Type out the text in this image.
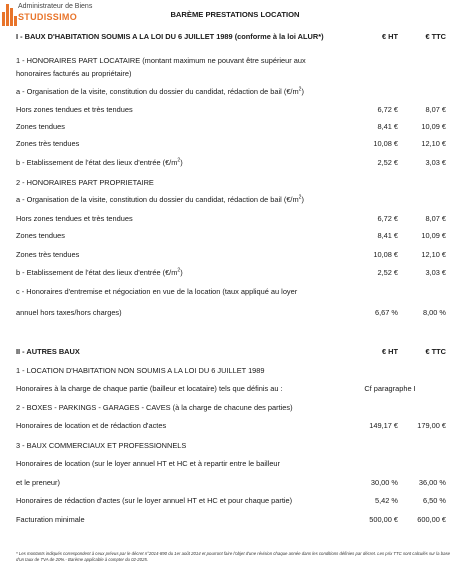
Administrateur de Biens
STUDISSIMO	BARÈME PRESTATIONS LOCATION
I - BAUX D'HABITATION SOUMIS A LA LOI DU 6 JUILLET 1989 (conforme à la loi ALUR*)	€ HT	€ TTC
1 - HONORAIRES PART LOCATAIRE (montant maximum ne pouvant être supérieur aux
honoraires facturés au propriétaire)
a - Organisation de la visite, constitution du dossier du candidat, rédaction de bail $(€/m^2)$
Hors zones tendues et très tendues	6,72 €	8,07 €
Zones tendues	8,41 €	10,09 €
Zones très tendues	10,08 €	12,10 €
b - Etablissement de l'état des lieux d'entrée $(€/m^2)$	2,52 €	3,03 €
2 - HONORAIRES PART PROPRIETAIRE
a - Organisation de la visite, constitution du dossier du candidat, rédaction de bail $(€/m^2)$
Hors zones tendues et très tendues	6,72 €	8,07 €
Zones tendues	8,41 €	10,09 €
Zones très tendues	10,08 €	12,10 €
b - Etablissement de l'état des lieux d'entrée $(€/m^2)$	2,52 €	3,03 €
c - Honoraires d'entremise et négociation en vue de la location (taux appliqué au loyer
annuel hors taxes/hors charges)	6,67 %	8,00 %
II - AUTRES BAUX	€ HT	€ TTC
1 - LOCATION D'HABITATION NON SOUMIS A LA LOI DU 6 JUILLET 1989
Honoraires à la charge de chaque partie (bailleur et locataire) tels que définis au :	Cf paragraphe I
2 - BOXES - PARKINGS - GARAGES - CAVES (à la charge de chacune des parties)
Honoraires de location et de rédaction d'actes	149,17 €	179,00 €
3 - BAUX COMMERCIAUX ET PROFESSIONNELS
Honoraires de location (sur le loyer annuel HT et HC et à repartir entre le bailleur
et le preneur)	30,00 %	36,00 %
Honoraires de rédaction d'actes (sur le loyer annuel HT et HC et pour chaque partie)	5,42 %	6,50 %
Facturation minimale	500,00 €	600,00 €
* Les montants indiqués correspondent à ceux prévus par le décret n°2014-890 du 1er août 2014 et pourront faire l'objet d'une révision chaque année dans les conditions définies par décret. Les prix TTC sont calculés sur la base d'un taux de TVA de 20%.- Barème applicable à compter du 02-2025.
